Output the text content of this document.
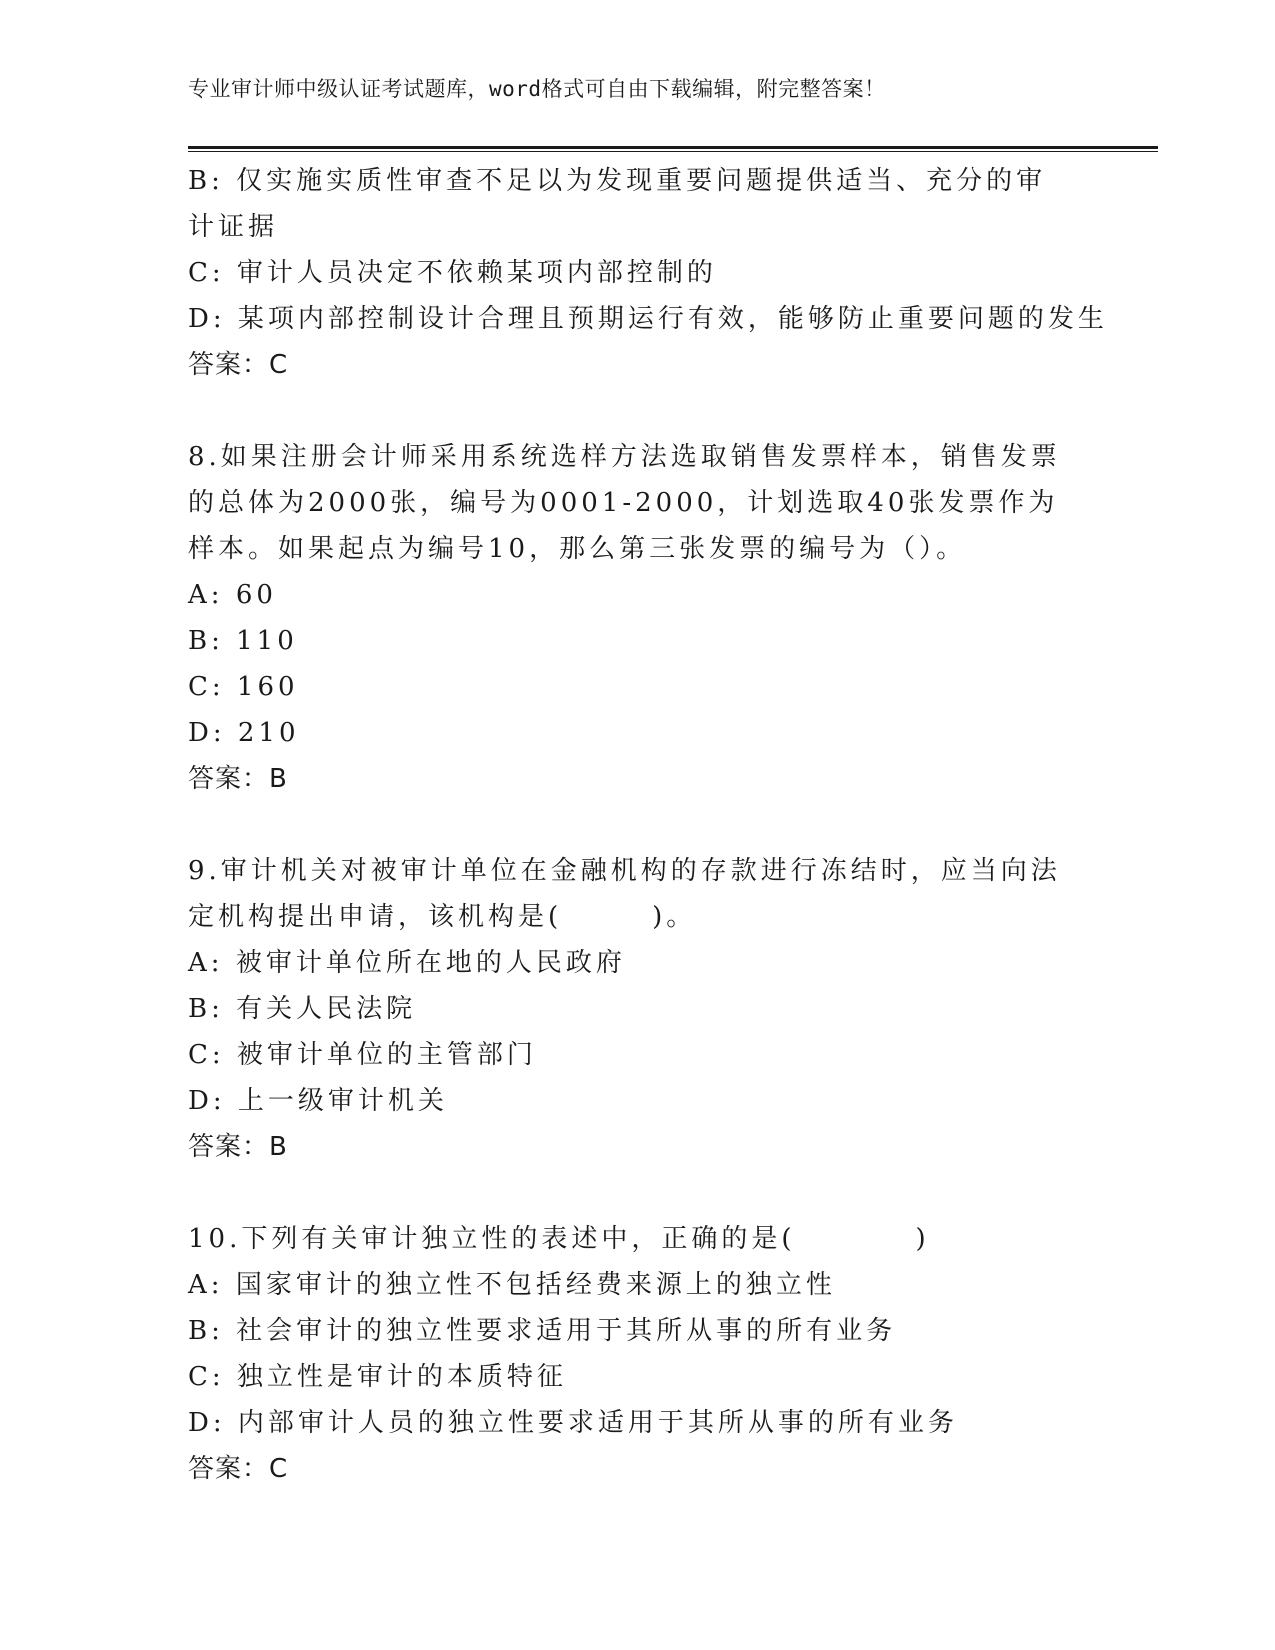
专业审计师中级认证考试题库，word格式可自由下载编辑，附完整答案！
B: 仅实施实质性审查不足以为发现重要问题提供适当、充分的审计证据
C: 审计人员决定不依赖某项内部控制的
D: 某项内部控制设计合理且预期运行有效，能够防止重要问题的发生
答案：C
8.如果注册会计师采用系统选样方法选取销售发票样本，销售发票的总体为2000张，编号为0001-2000，计划选取40张发票作为样本。如果起点为编号10，那么第三张发票的编号为（）。
A: 60
B: 110
C: 160
D: 210
答案：B
9.审计机关对被审计单位在金融机构的存款进行冻结时，应当向法定机构提出申请，该机构是(　　　)。
A: 被审计单位所在地的人民政府
B: 有关人民法院
C: 被审计单位的主管部门
D: 上一级审计机关
答案：B
10.下列有关审计独立性的表述中，正确的是(　　　　)
A: 国家审计的独立性不包括经费来源上的独立性
B: 社会审计的独立性要求适用于其所从事的所有业务
C: 独立性是审计的本质特征
D: 内部审计人员的独立性要求适用于其所从事的所有业务
答案：C
